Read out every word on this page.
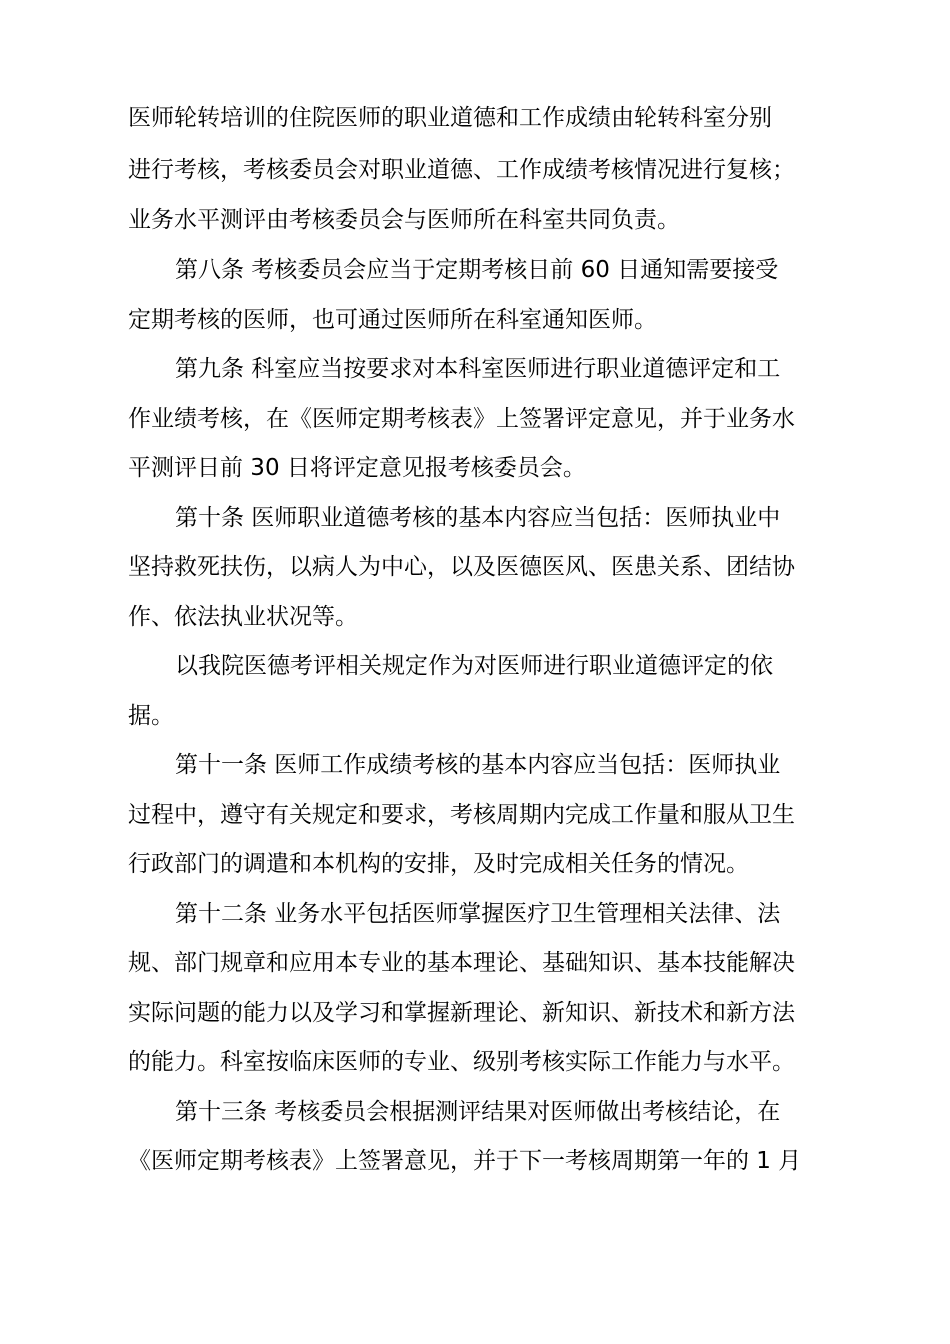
医师轮转培训的住院医师的职业道德和工作成绩由轮转科室分别
进行考核，考核委员会对职业道德、工作成绩考核情况进行复核；
业务水平测评由考核委员会与医师所在科室共同负责。
第八条 考核委员会应当于定期考核日前 60 日通知需要接受
定期考核的医师，也可通过医师所在科室通知医师。
第九条 科室应当按要求对本科室医师进行职业道德评定和工
作业绩考核，在《医师定期考核表》上签署评定意见，并于业务水
平测评日前 30 日将评定意见报考核委员会。
第十条 医师职业道德考核的基本内容应当包括：医师执业中
坚持救死扶伤，以病人为中心，以及医德医风、医患关系、团结协
作、依法执业状况等。
以我院医德考评相关规定作为对医师进行职业道德评定的依
据。
第十一条 医师工作成绩考核的基本内容应当包括：医师执业
过程中，遵守有关规定和要求，考核周期内完成工作量和服从卫生
行政部门的调遣和本机构的安排，及时完成相关任务的情况。
第十二条 业务水平包括医师掌握医疗卫生管理相关法律、法
规、部门规章和应用本专业的基本理论、基础知识、基本技能解决
实际问题的能力以及学习和掌握新理论、新知识、新技术和新方法
的能力。科室按临床医师的专业、级别考核实际工作能力与水平。
第十三条 考核委员会根据测评结果对医师做出考核结论，在
《医师定期考核表》上签署意见，并于下一考核周期第一年的 1 月
